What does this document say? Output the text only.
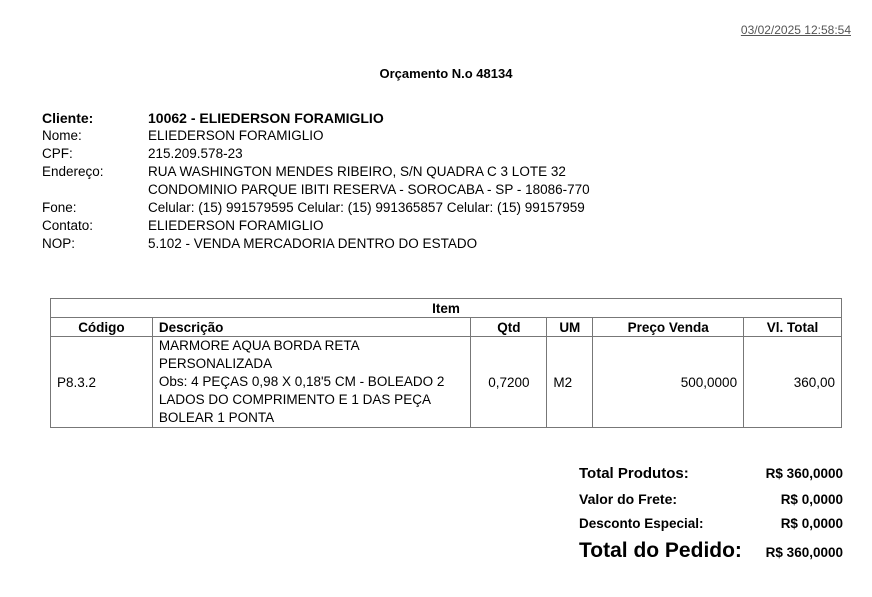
03/02/2025 12:58:54
Orçamento N.o 48134
Cliente:	10062 - ELIEDERSON FORAMIGLIO
Nome:	ELIEDERSON FORAMIGLIO
CPF:	215.209.578-23
Endereço:	RUA WASHINGTON MENDES RIBEIRO, S/N QUADRA C 3 LOTE 32
CONDOMINIO PARQUE IBITI RESERVA - SOROCABA - SP - 18086-770
Fone:	Celular: (15) 991579595 Celular: (15) 991365857 Celular: (15) 99157959
Contato:	ELIEDERSON FORAMIGLIO
NOP:	5.102 - VENDA MERCADORIA DENTRO DO ESTADO
Item					
Código	Descrição	Qtd	UM	Preço Venda	Vl. Total
P8.3.2	MARMORE AQUA BORDA RETA
PERSONALIZADA
Obs: 4 PEÇAS 0,98 X 0,18'5 CM - BOLEADO 2
LADOS DO COMPRIMENTO E 1 DAS PEÇA
BOLEAR 1 PONTA	0,7200	M2	500,0000	360,00
Total Produtos:	R$ 360,0000
Valor do Frete:	R$ 0,0000
Desconto Especial:	R$ 0,0000
Total do Pedido: R$ 360,0000
